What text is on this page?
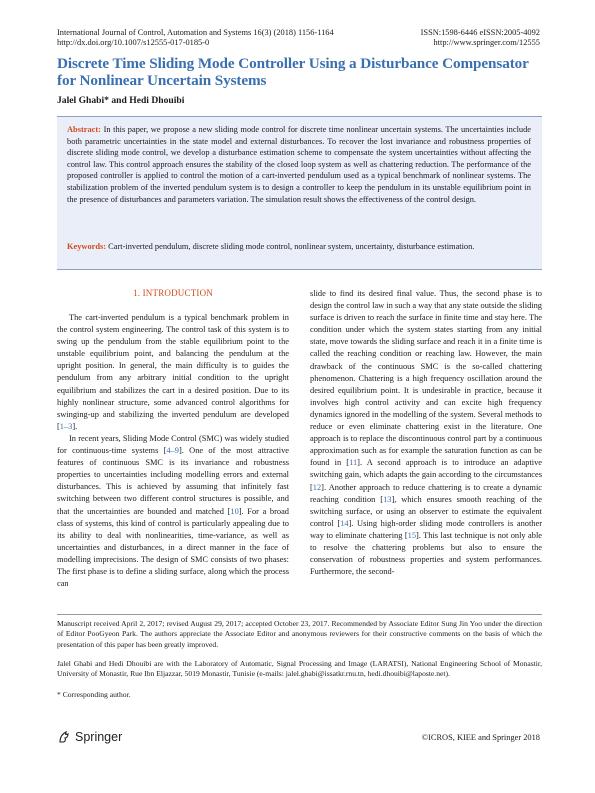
International Journal of Control, Automation and Systems 16(3) (2018) 1156-1164
http://dx.doi.org/10.1007/s12555-017-0185-0
ISSN:1598-6446 eISSN:2005-4092
http://www.springer.com/12555
Discrete Time Sliding Mode Controller Using a Disturbance Compensator for Nonlinear Uncertain Systems
Jalel Ghabi* and Hedi Dhouibi
Abstract: In this paper, we propose a new sliding mode control for discrete time nonlinear uncertain systems. The uncertainties include both parametric uncertainties in the state model and external disturbances. To recover the lost invariance and robustness properties of discrete sliding mode control, we develop a disturbance estimation scheme to compensate the system uncertainties without affecting the control law. This control approach ensures the stability of the closed loop system as well as chattering reduction. The performance of the proposed controller is applied to control the motion of a cart-inverted pendulum used as a typical benchmark of nonlinear systems. The stabilization problem of the inverted pendulum system is to design a controller to keep the pendulum in its unstable equilibrium point in the presence of disturbances and parameters variation. The simulation result shows the effectiveness of the control design.
Keywords: Cart-inverted pendulum, discrete sliding mode control, nonlinear system, uncertainty, disturbance estimation.
1. INTRODUCTION

The cart-inverted pendulum is a typical benchmark problem in the control system engineering. The control task of this system is to swing up the pendulum from the stable equilibrium point to the unstable equilibrium point, and balancing the pendulum at the upright position. In general, the main difficulty is to guides the pendulum from any arbitrary initial condition to the upright equilibrium and stabilizes the cart in a desired position. Due to its highly nonlinear structure, some advanced control algorithms for swinging-up and stabilizing the inverted pendulum are developed [1–3].

In recent years, Sliding Mode Control (SMC) was widely studied for continuous-time systems [4–9]. One of the most attractive features of continuous SMC is its invariance and robustness properties to uncertainties including modelling errors and external disturbances. This is achieved by assuming that infinitely fast switching between two different control structures is possible, and that the uncertainties are bounded and matched [10]. For a broad class of systems, this kind of control is particularly appealing due to its ability to deal with nonlinearities, time-variance, as well as uncertainties and disturbances, in a direct manner in the face of modelling imprecisions. The design of SMC consists of two phases: The first phase is to define a sliding surface, along which the process can

slide to find its desired final value. Thus, the second phase is to design the control law in such a way that any state outside the sliding surface is driven to reach the surface in finite time and stay here. The condition under which the system states starting from any initial state, move towards the sliding surface and reach it in a finite time is called the reaching condition or reaching law. However, the main drawback of the continuous SMC is the so-called chattering phenomenon. Chattering is a high frequency oscillation around the desired equilibrium point. It is undesirable in practice, because it involves high control activity and can excite high frequency dynamics ignored in the modelling of the system. Several methods to reduce or even eliminate chattering exist in the literature. One approach is to replace the discontinuous control part by a continuous approximation such as for example the saturation function as can be found in [11]. A second approach is to introduce an adaptive switching gain, which adapts the gain according to the circumstances [12]. Another approach to reduce chattering is to create a dynamic reaching condition [13], which ensures smooth reaching of the switching surface, or using an observer to estimate the equivalent control [14]. Using high-order sliding mode controllers is another way to eliminate chattering [15]. This last technique is not only able to resolve the chattering problems but also to ensure the conservation of robustness properties and system performances. Furthermore, the second-

Manuscript received April 2, 2017; revised August 29, 2017; accepted October 23, 2017. Recommended by Associate Editor Sung Jin Yoo under the direction of Editor PooGyeon Park. The authors appreciate the Associate Editor and anonymous reviewers for their constructive comments on the basis of which the presentation of this paper has been greatly improved.
Jalel Ghabi and Hedi Dhouibi are with the Laboratory of Automatic, Signal Processing and Image (LARATSI), National Engineering School of Monastir, University of Monastir, Rue Ibn Eljazzar, 5019 Monastir, Tunisie (e-mails: jalel.ghabi@issatkr.rnu.tn, hedi.dhouibi@laposte.net).
* Corresponding author.
Springer	©ICROS, KIEE and Springer 2018
